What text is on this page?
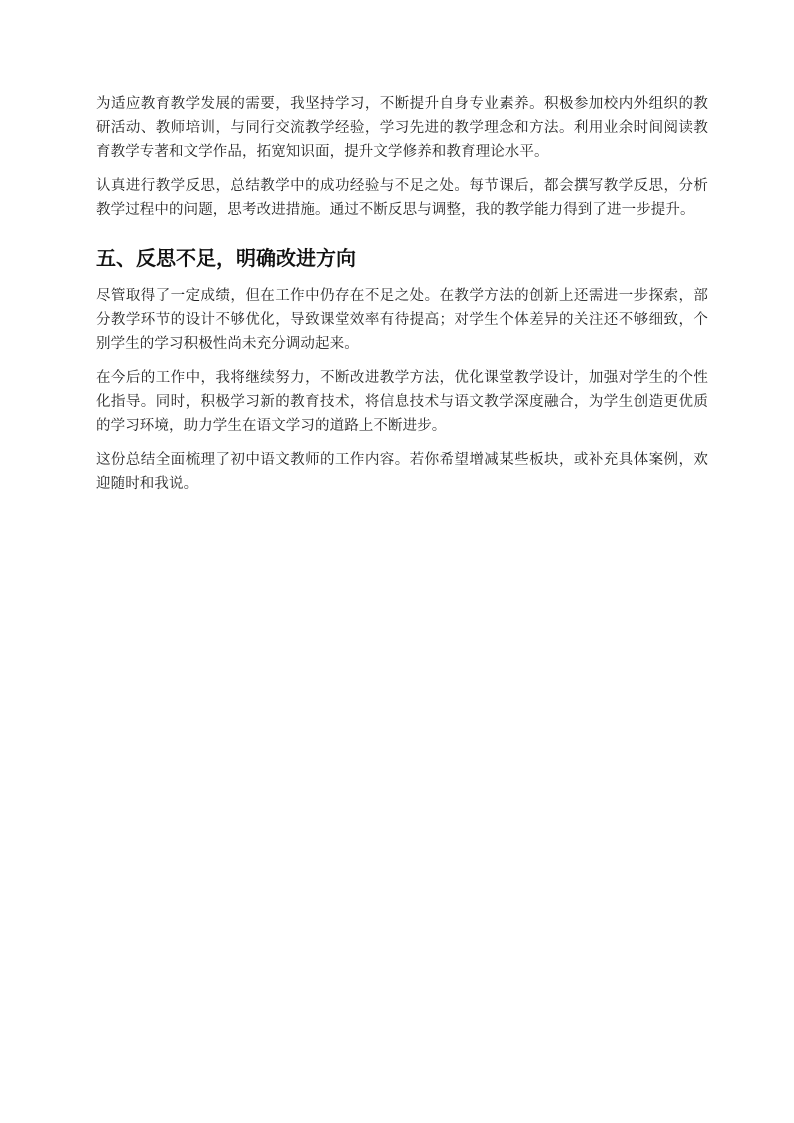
为适应教育教学发展的需要，我坚持学习，不断提升自身专业素养。积极参加校内外组织的教研活动、教师培训，与同行交流教学经验，学习先进的教学理念和方法。利用业余时间阅读教育教学专著和文学作品，拓宽知识面，提升文学修养和教育理论水平。

认真进行教学反思，总结教学中的成功经验与不足之处。每节课后，都会撰写教学反思，分析教学过程中的问题，思考改进措施。通过不断反思与调整，我的教学能力得到了进一步提升。

五、反思不足，明确改进方向

尽管取得了一定成绩，但在工作中仍存在不足之处。在教学方法的创新上还需进一步探索，部分教学环节的设计不够优化，导致课堂效率有待提高；对学生个体差异的关注还不够细致，个别学生的学习积极性尚未充分调动起来。

在今后的工作中，我将继续努力，不断改进教学方法，优化课堂教学设计，加强对学生的个性化指导。同时，积极学习新的教育技术，将信息技术与语文教学深度融合，为学生创造更优质的学习环境，助力学生在语文学习的道路上不断进步。

这份总结全面梳理了初中语文教师的工作内容。若你希望增减某些板块，或补充具体案例，欢迎随时和我说。
